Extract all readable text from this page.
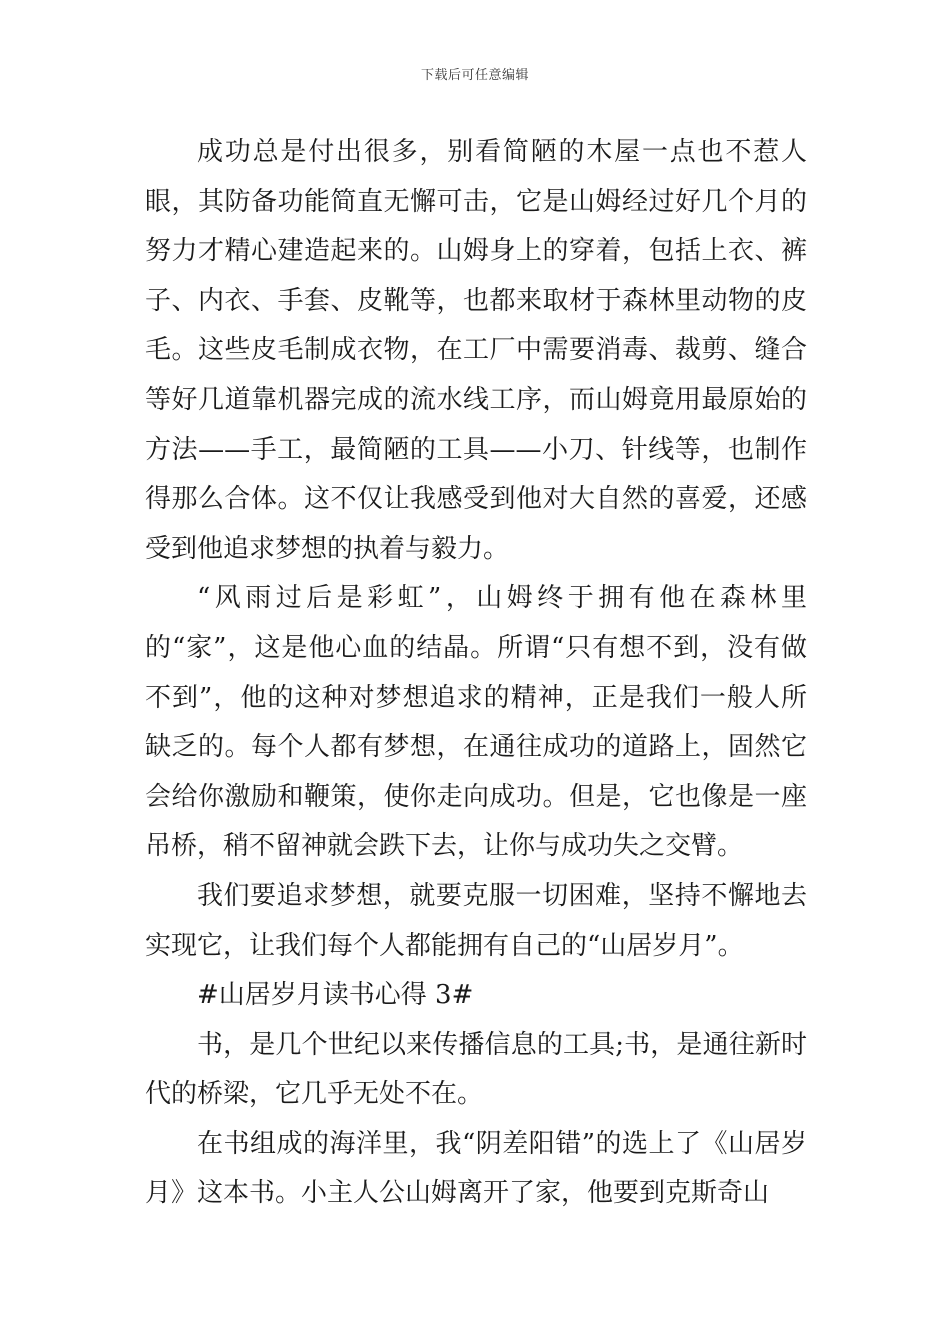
下载后可任意编辑

成功总是付出很多，别看简陋的木屋一点也不惹人眼，其防备功能简直无懈可击，它是山姆经过好几个月的努力才精心建造起来的。山姆身上的穿着，包括上衣、裤子、内衣、手套、皮靴等，也都来取材于森林里动物的皮毛。这些皮毛制成衣物，在工厂中需要消毒、裁剪、缝合等好几道靠机器完成的流水线工序，而山姆竟用最原始的方法——手工，最简陋的工具——小刀、针线等，也制作得那么合体。这不仅让我感受到他对大自然的喜爱，还感受到他追求梦想的执着与毅力。

“风雨过后是彩虹”，山姆终于拥有他在森林里的“家”，这是他心血的结晶。所谓“只有想不到，没有做不到”，他的这种对梦想追求的精神，正是我们一般人所缺乏的。每个人都有梦想，在通往成功的道路上，固然它会给你激励和鞭策，使你走向成功。但是，它也像是一座吊桥，稍不留神就会跌下去，让你与成功失之交臂。

我们要追求梦想，就要克服一切困难，坚持不懈地去实现它，让我们每个人都能拥有自己的“山居岁月”。

#山居岁月读书心得 3#

书，是几个世纪以来传播信息的工具;书，是通往新时代的桥梁，它几乎无处不在。

在书组成的海洋里，我“阴差阳错”的选上了《山居岁月》这本书。小主人公山姆离开了家，他要到克斯奇山
